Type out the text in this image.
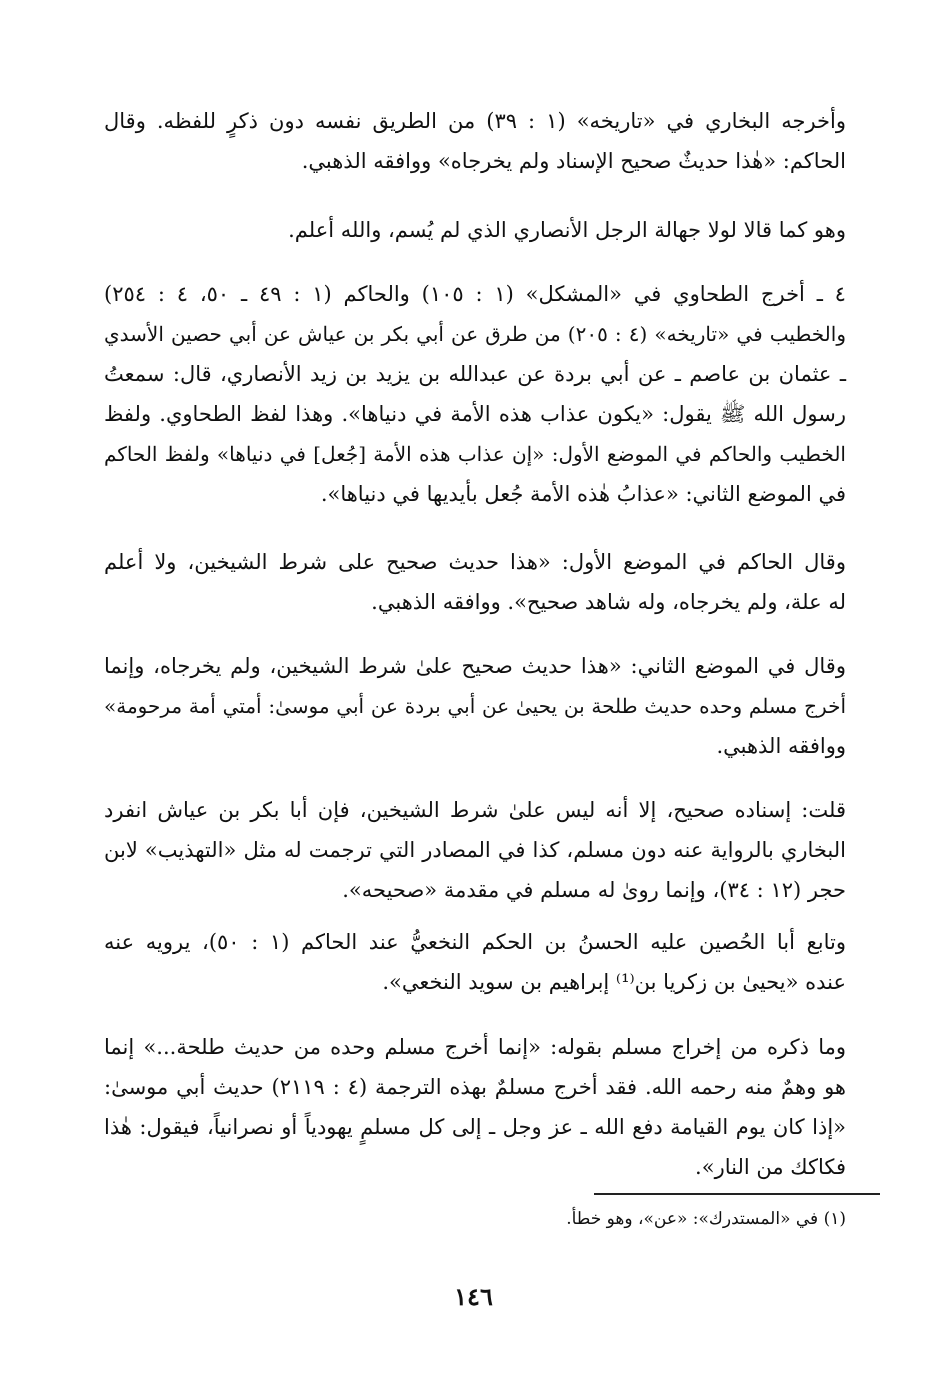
وأخرجه البخاري في «تاريخه» (١ : ٣٩) من الطريق نفسه دون ذكرٍ للفظه. وقال
الحاكم: «هٰذا حديثٌ صحيح الإسناد ولم يخرجاه» ووافقه الذهبي.
وهو كما قالا لولا جهالة الرجل الأنصاري الذي لم يُسم، والله أعلم.
٤ ـ أخرج الطحاوي في «المشكل» (١ : ١٠٥) والحاكم (١ : ٤٩ ـ ٥٠، ٤ : ٢٥٤)
والخطيب في «تاريخه» (٤ : ٢٠٥) من طرق عن أبي بكر بن عياش عن أبي حصين الأسدي
ـ عثمان بن عاصم ـ عن أبي بردة عن عبدالله بن يزيد بن زيد الأنصاري، قال: سمعتُ
رسول الله ﷺ يقول: «يكون عذاب هذه الأمة في دنياها». وهذا لفظ الطحاوي. ولفظ
الخطيب والحاكم في الموضع الأول: «إن عذاب هذه الأمة [جُعل] في دنياها» ولفظ الحاكم
في الموضع الثاني: «عذابُ هٰذه الأمة جُعل بأيديها في دنياها».
وقال الحاكم في الموضع الأول: «هذا حديث صحيح على شرط الشيخين، ولا أعلم
له علة، ولم يخرجاه، وله شاهد صحيح». ووافقه الذهبي.
وقال في الموضع الثاني: «هذا حديث صحيح علىٰ شرط الشيخين، ولم يخرجاه، وإنما
أخرج مسلم وحده حديث طلحة بن يحيىٰ عن أبي بردة عن أبي موسىٰ: أمتي أمة مرحومة»
ووافقه الذهبي.
قلت: إسناده صحيح، إلا أنه ليس علىٰ شرط الشيخين، فإن أبا بكر بن عياش انفرد
البخاري بالرواية عنه دون مسلم، كذا في المصادر التي ترجمت له مثل «التهذيب» لابن
حجر (١٢ : ٣٤)، وإنما روىٰ له مسلم في مقدمة «صحيحه».
وتابع أبا الحُصين عليه الحسنُ بن الحكم النخعيُّ عند الحاكم (١ : ٥٠)، يرويه عنه
عنده «يحيىٰ بن زكريا بن⁽¹⁾ إبراهيم بن سويد النخعي».
وما ذكره من إخراج مسلم بقوله: «إنما أخرج مسلم وحده من حديث طلحة...» إنما
هو وهمٌ منه رحمه الله. فقد أخرج مسلمٌ بهذه الترجمة (٤ : ٢١١٩) حديث أبي موسىٰ:
«إذا كان يوم القيامة دفع الله ـ عز وجل ـ إلى كل مسلمٍ يهودياً أو نصرانياً، فيقول: هٰذا
فكاكك من النار».
(١) في «المستدرك»: «عن»، وهو خطأ.
١٤٦
